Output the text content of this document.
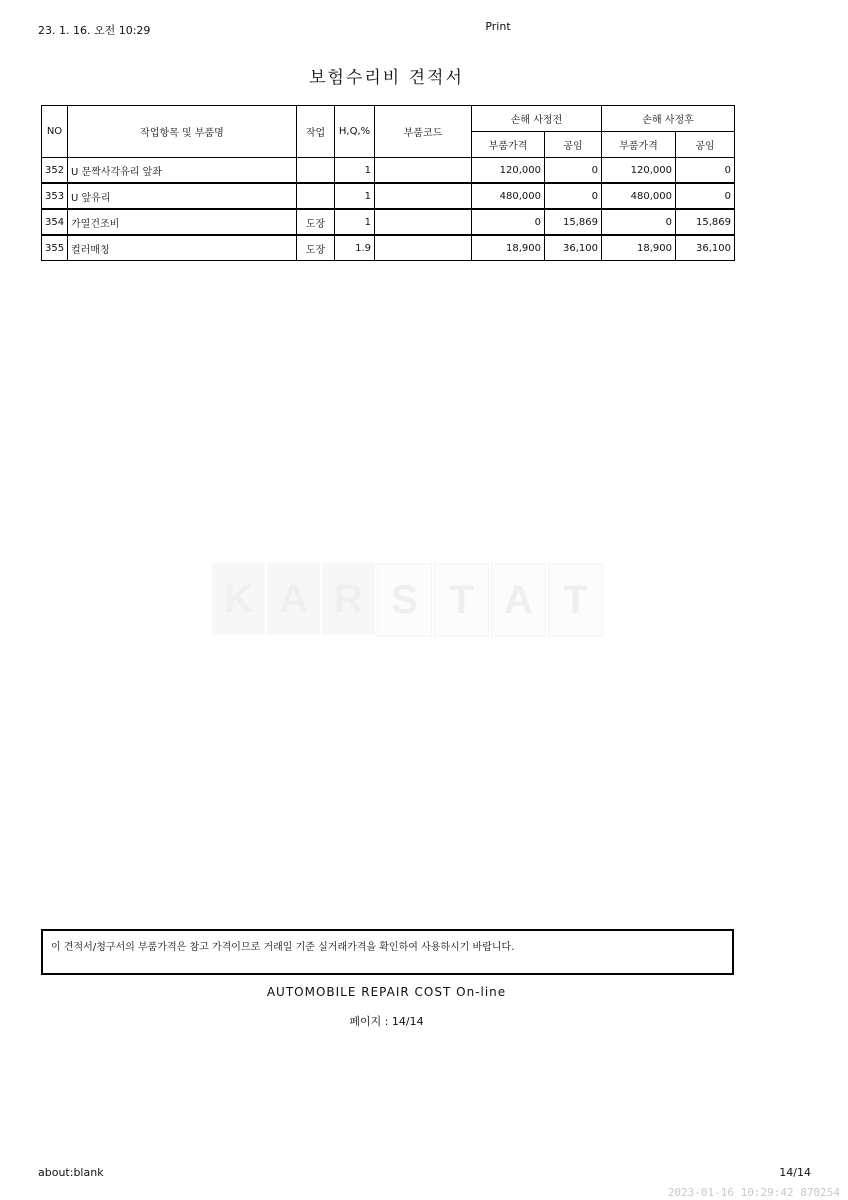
23. 1. 16. 오전 10:29	Print
보험수리비 견적서
K A R S T A T
NO	작업항목 및 부품명	작업	H,Q,%	부품코드	손해 사정전		손해 사정후	
					부품가격	공임	부품가격	공임
352	U 문짝사각유리 앞좌		1		120,000	0	120,000	0
353	U 앞유리		1		480,000	0	480,000	0
354	가열건조비	도장	1		0	15,869	0	15,869
355	컬러매칭	도장	1.9		18,900	36,100	18,900	36,100
이 견적서/청구서의 부품가격은 참고 가격이므로 거래일 기준 실거래가격을 확인하여 사용하시기 바랍니다.
AUTOMOBILE REPAIR COST On-line
페이지 : 14/14
about:blank	14/14
2023-01-16 10:29:42 870254
